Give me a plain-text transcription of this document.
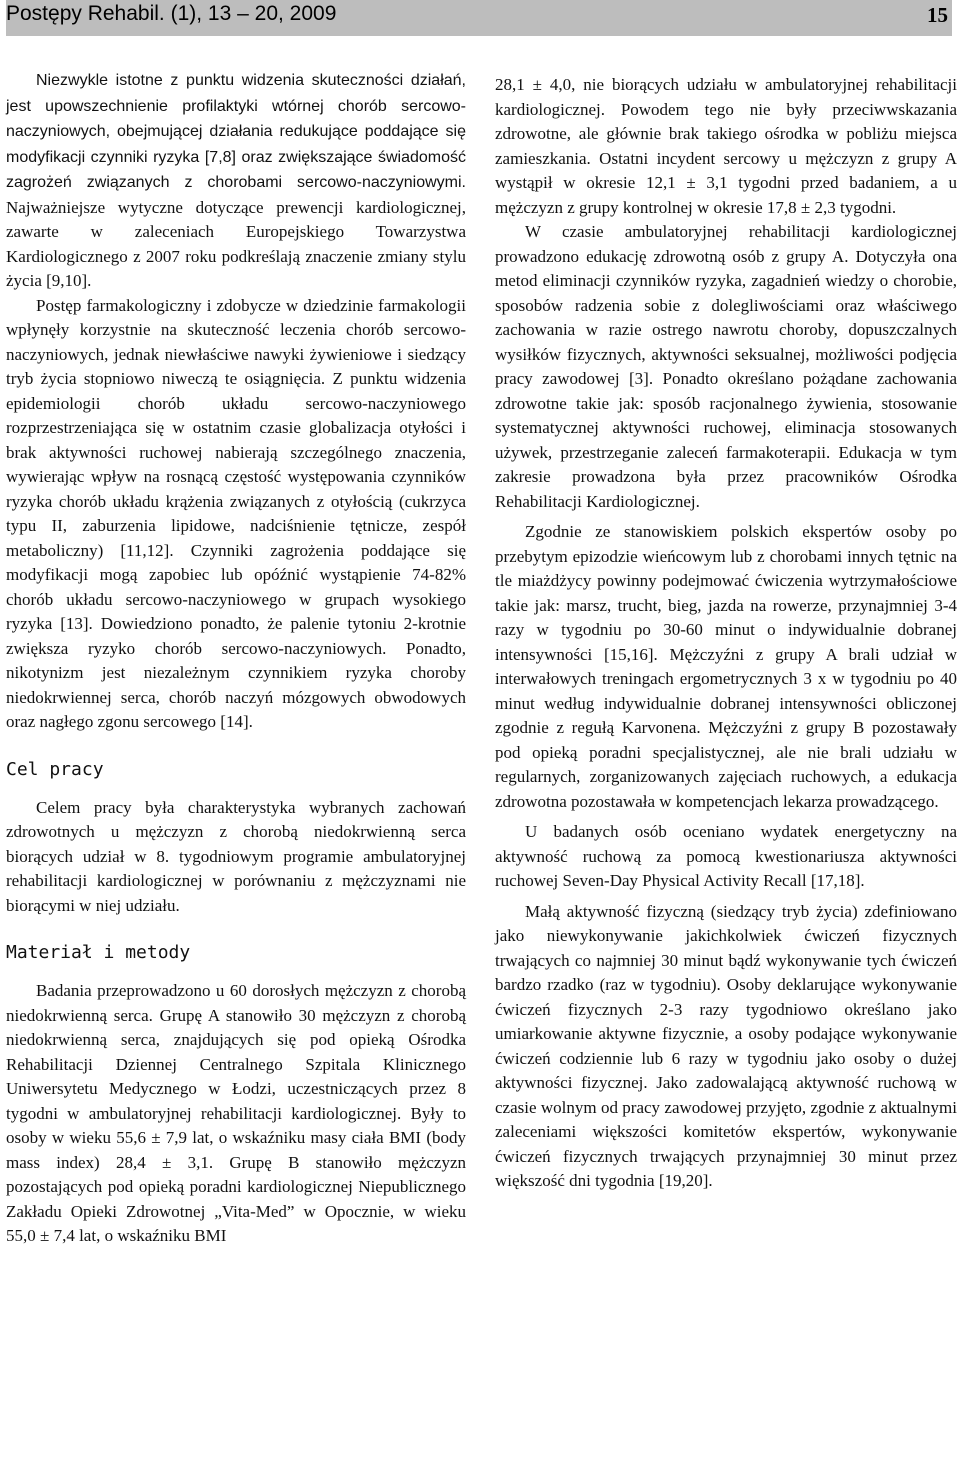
Postępy Rehabil. (1), 13 – 20, 2009	15

Niezwykle istotne z punktu widzenia skuteczności działań, jest upowszechnienie profilaktyki wtórnej chorób sercowo-naczyniowych, obejmującej działania redukujące poddające się modyfikacji czynniki ryzyka [7,8] oraz zwiększające świadomość zagrożeń związanych z chorobami sercowo-naczyniowymi. Najważniejsze wytyczne dotyczące prewencji kardiologicznej, zawarte w zaleceniach Europejskiego Towarzystwa Kardiologicznego z 2007 roku podkreślają znaczenie zmiany stylu życia [9,10].

Postęp farmakologiczny i zdobycze w dziedzinie farmakologii wpłynęły korzystnie na skuteczność leczenia chorób sercowo-naczyniowych, jednak niewłaściwe nawyki żywieniowe i siedzący tryb życia stopniowo niweczą te osiągnięcia. Z punktu widzenia epidemiologii chorób układu sercowo-naczyniowego rozprzestrzeniająca się w ostatnim czasie globalizacja otyłości i brak aktywności ruchowej nabierają szczególnego znaczenia, wywierając wpływ na rosnącą częstość występowania czynników ryzyka chorób układu krążenia związanych z otyłością (cukrzyca typu II, zaburzenia lipidowe, nadciśnienie tętnicze, zespół metaboliczny) [11,12]. Czynniki zagrożenia poddające się modyfikacji mogą zapobiec lub opóźnić wystąpienie 74-82% chorób układu sercowo-naczyniowego w grupach wysokiego ryzyka [13]. Dowiedziono ponadto, że palenie tytoniu 2-krotnie zwiększa ryzyko chorób sercowo-naczyniowych. Ponadto, nikotynizm jest niezależnym czynnikiem ryzyka choroby niedokrwiennej serca, chorób naczyń mózgowych obwodowych oraz nagłego zgonu sercowego [14].

Cel pracy

Celem pracy była charakterystyka wybranych zachowań zdrowotnych u mężczyzn z chorobą niedokrwienną serca biorących udział w 8. tygodniowym programie ambulatoryjnej rehabilitacji kardiologicznej w porównaniu z mężczyznami nie biorącymi w niej udziału.

Materiał i metody

Badania przeprowadzono u 60 dorosłych mężczyzn z chorobą niedokrwienną serca. Grupę A stanowiło 30 mężczyzn z chorobą niedokrwienną serca, znajdujących się pod opieką Ośrodka Rehabilitacji Dziennej Centralnego Szpitala Klinicznego Uniwersytetu Medycznego w Łodzi, uczestniczących przez 8 tygodni w ambulatoryjnej rehabilitacji kardiologicznej. Były to osoby w wieku 55,6 ± 7,9 lat, o wskaźniku masy ciała BMI (body mass index) 28,4 ± 3,1. Grupę B stanowiło mężczyzn pozostających pod opieką poradni kardiologicznej Niepublicznego Zakładu Opieki Zdrowotnej „Vita-Med” w Opocznie, w wieku 55,0 ± 7,4 lat, o wskaźniku BMI

28,1 ± 4,0, nie biorących udziału w ambulatoryjnej rehabilitacji kardiologicznej. Powodem tego nie były przeciwwskazania zdrowotne, ale głównie brak takiego ośrodka w pobliżu miejsca zamieszkania. Ostatni incydent sercowy u mężczyzn z grupy A wystąpił w okresie 12,1 ± 3,1 tygodni przed badaniem, a u mężczyzn z grupy kontrolnej w okresie 17,8 ± 2,3 tygodni.

W czasie ambulatoryjnej rehabilitacji kardiologicznej prowadzono edukację zdrowotną osób z grupy A. Dotyczyła ona metod eliminacji czynników ryzyka, zagadnień wiedzy o chorobie, sposobów radzenia sobie z dolegliwościami oraz właściwego zachowania w razie ostrego nawrotu choroby, dopuszczalnych wysiłków fizycznych, aktywności seksualnej, możliwości podjęcia pracy zawodowej [3]. Ponadto określano pożądane zachowania zdrowotne takie jak: sposób racjonalnego żywienia, stosowanie systematycznej aktywności ruchowej, eliminacja stosowanych używek, przestrzeganie zaleceń farmakoterapii. Edukacja w tym zakresie prowadzona była przez pracowników Ośrodka Rehabilitacji Kardiologicznej.

Zgodnie ze stanowiskiem polskich ekspertów osoby po przebytym epizodzie wieńcowym lub z chorobami innych tętnic na tle miażdżycy powinny podejmować ćwiczenia wytrzymałościowe takie jak: marsz, trucht, bieg, jazda na rowerze, przynajmniej 3-4 razy w tygodniu po 30-60 minut o indywidualnie dobranej intensywności [15,16]. Mężczyźni z grupy A brali udział w interwałowych treningach ergometrycznych 3 x w tygodniu po 40 minut według indywidualnie dobranej intensywności obliczonej zgodnie z regułą Karvonena. Mężczyźni z grupy B pozostawały pod opieką poradni specjalistycznej, ale nie brali udziału w regularnych, zorganizowanych zajęciach ruchowych, a edukacja zdrowotna pozostawała w kompetencjach lekarza prowadzącego.

U badanych osób oceniano wydatek energetyczny na aktywność ruchową za pomocą kwestionariusza aktywności ruchowej Seven-Day Physical Activity Recall [17,18].

Małą aktywność fizyczną (siedzący tryb życia) zdefiniowano jako niewykonywanie jakichkolwiek ćwiczeń fizycznych trwających co najmniej 30 minut bądź wykonywanie tych ćwiczeń bardzo rzadko (raz w tygodniu). Osoby deklarujące wykonywanie ćwiczeń fizycznych 2-3 razy tygodniowo określano jako umiarkowanie aktywne fizycznie, a osoby podające wykonywanie ćwiczeń codziennie lub 6 razy w tygodniu jako osoby o dużej aktywności fizycznej. Jako zadowalającą aktywność ruchową w czasie wolnym od pracy zawodowej przyjęto, zgodnie z aktualnymi zaleceniami większości komitetów ekspertów, wykonywanie ćwiczeń fizycznych trwających przynajmniej 30 minut przez większość dni tygodnia [19,20].
